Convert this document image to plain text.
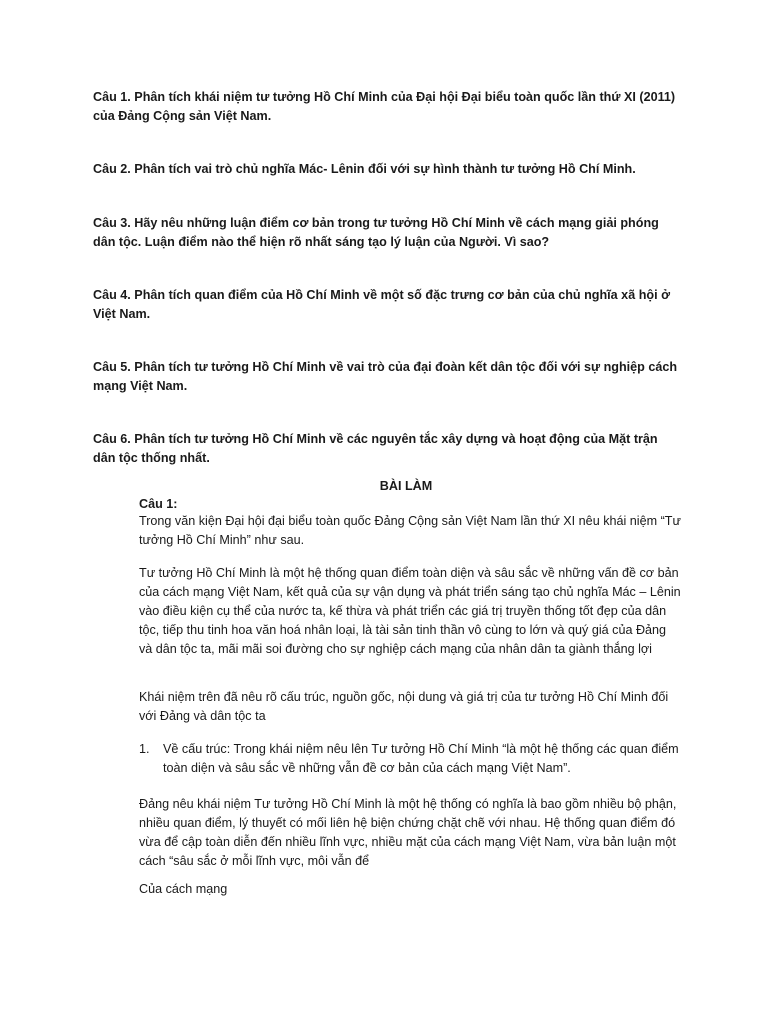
Câu 1. Phân tích khái niệm tư tưởng Hồ Chí Minh của Đại hội Đại biểu toàn quốc lần thứ XI (2011) của Đảng Cộng sản Việt Nam.

Câu 2. Phân tích vai trò chủ nghĩa Mác- Lênin đối với sự hình thành tư tưởng Hồ Chí Minh.

Câu 3. Hãy nêu những luận điểm cơ bản trong tư tưởng Hồ Chí Minh về cách mạng giải phóng dân tộc. Luận điểm nào thể hiện rõ nhất sáng tạo lý luận của Người. Vì sao?

Câu 4. Phân tích quan điểm của Hồ Chí Minh về một số đặc trưng cơ bản của chủ nghĩa xã hội ở Việt Nam.

Câu 5. Phân tích tư tưởng Hồ Chí Minh về vai trò của đại đoàn kết dân tộc đối với sự nghiệp cách mạng Việt Nam.

Câu 6. Phân tích tư tưởng Hồ Chí Minh về các nguyên tắc xây dựng và hoạt động của Mặt trận dân tộc thống nhất.

BÀI LÀM

Câu 1:

Trong văn kiện Đại hội đại biểu toàn quốc Đảng Cộng sản Việt Nam lần thứ XI nêu khái niệm “Tư tưởng Hồ Chí Minh” như sau.

Tư tưởng Hồ Chí Minh là một hệ thống quan điểm toàn diện và sâu sắc về những vấn đề cơ bản của cách mạng Việt Nam, kết quả của sự vận dụng và phát triển sáng tạo chủ nghĩa Mác – Lênin vào điều kiện cụ thể của nước ta, kế thừa và phát triển các giá trị truyền thống tốt đẹp của dân tộc, tiếp thu tinh hoa văn hoá nhân loại, là tài sản tinh thần vô cùng to lớn và quý giá của Đảng và dân tộc ta, mãi mãi soi đường cho sự nghiệp cách mạng của nhân dân ta giành thắng lợi

Khái niệm trên đã nêu rõ cấu trúc, nguồn gốc, nội dung và giá trị của tư tưởng Hồ Chí Minh đối với Đảng và dân tộc ta

1.	Về cấu trúc: Trong khái niệm nêu lên Tư tưởng Hồ Chí Minh “là một hệ thống các quan điểm toàn diện và sâu sắc về những vẫn đề cơ bản của cách mạng Việt Nam”.

Đảng nêu khái niệm Tư tưởng Hồ Chí Minh là một hệ thống có nghĩa là bao gồm nhiều bộ phận, nhiều quan điểm, lý thuyết có mối liên hệ biện chứng chặt chẽ với nhau. Hệ thống quan điểm đó vừa để cập toàn diễn đến nhiều lĩnh vực, nhiều mặt của cách mạng Việt Nam, vừa bản luận một cách “sâu sắc ở mỗi lĩnh vực, môi vẫn để

Của cách mạng
